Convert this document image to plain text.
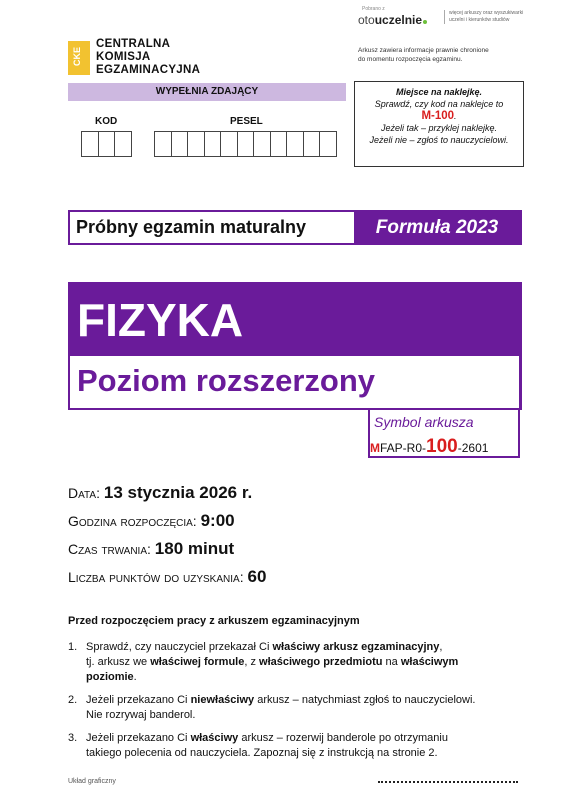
CKE
CENTRALNA
KOMISJA
EGZAMINACYJNA
Pobrano z
otouczelnie	więcej arkuszy oraz wyszukiwarki
uczelni i kierunków studiów
Arkusz zawiera informacje prawnie chronione
do momentu rozpoczęcia egzaminu.
WYPEŁNIA ZDAJĄCY
KOD	PESEL

Miejsce na naklejkę.

Sprawdź, czy kod na naklejce to

M-100.

Jeżeli tak – przyklej naklejkę.

Jeżeli nie – zgłoś to nauczycielowi.

Próbny egzamin maturalny	Formuła 2023
FIZYKA
Poziom rozszerzony
Symbol arkusza
MFAP-R0-100-2601
Data: 13 stycznia 2026 r.
Godzina rozpoczęcia: 9:00
Czas trwania: 180 minut
Liczba punktów do uzyskania: 60
Przed rozpoczęciem pracy z arkuszem egzaminacyjnym
1. Sprawdź, czy nauczyciel przekazał Ci właściwy arkusz egzaminacyjny,
tj. arkusz we właściwej formule, z właściwego przedmiotu na właściwym
poziomie.
2. Jeżeli przekazano Ci niewłaściwy arkusz – natychmiast zgłoś to nauczycielowi.
Nie rozrywaj banderol.
3. Jeżeli przekazano Ci właściwy arkusz – rozerwij banderole po otrzymaniu
takiego polecenia od nauczyciela. Zapoznaj się z instrukcją na stronie 2.
Układ graficzny
